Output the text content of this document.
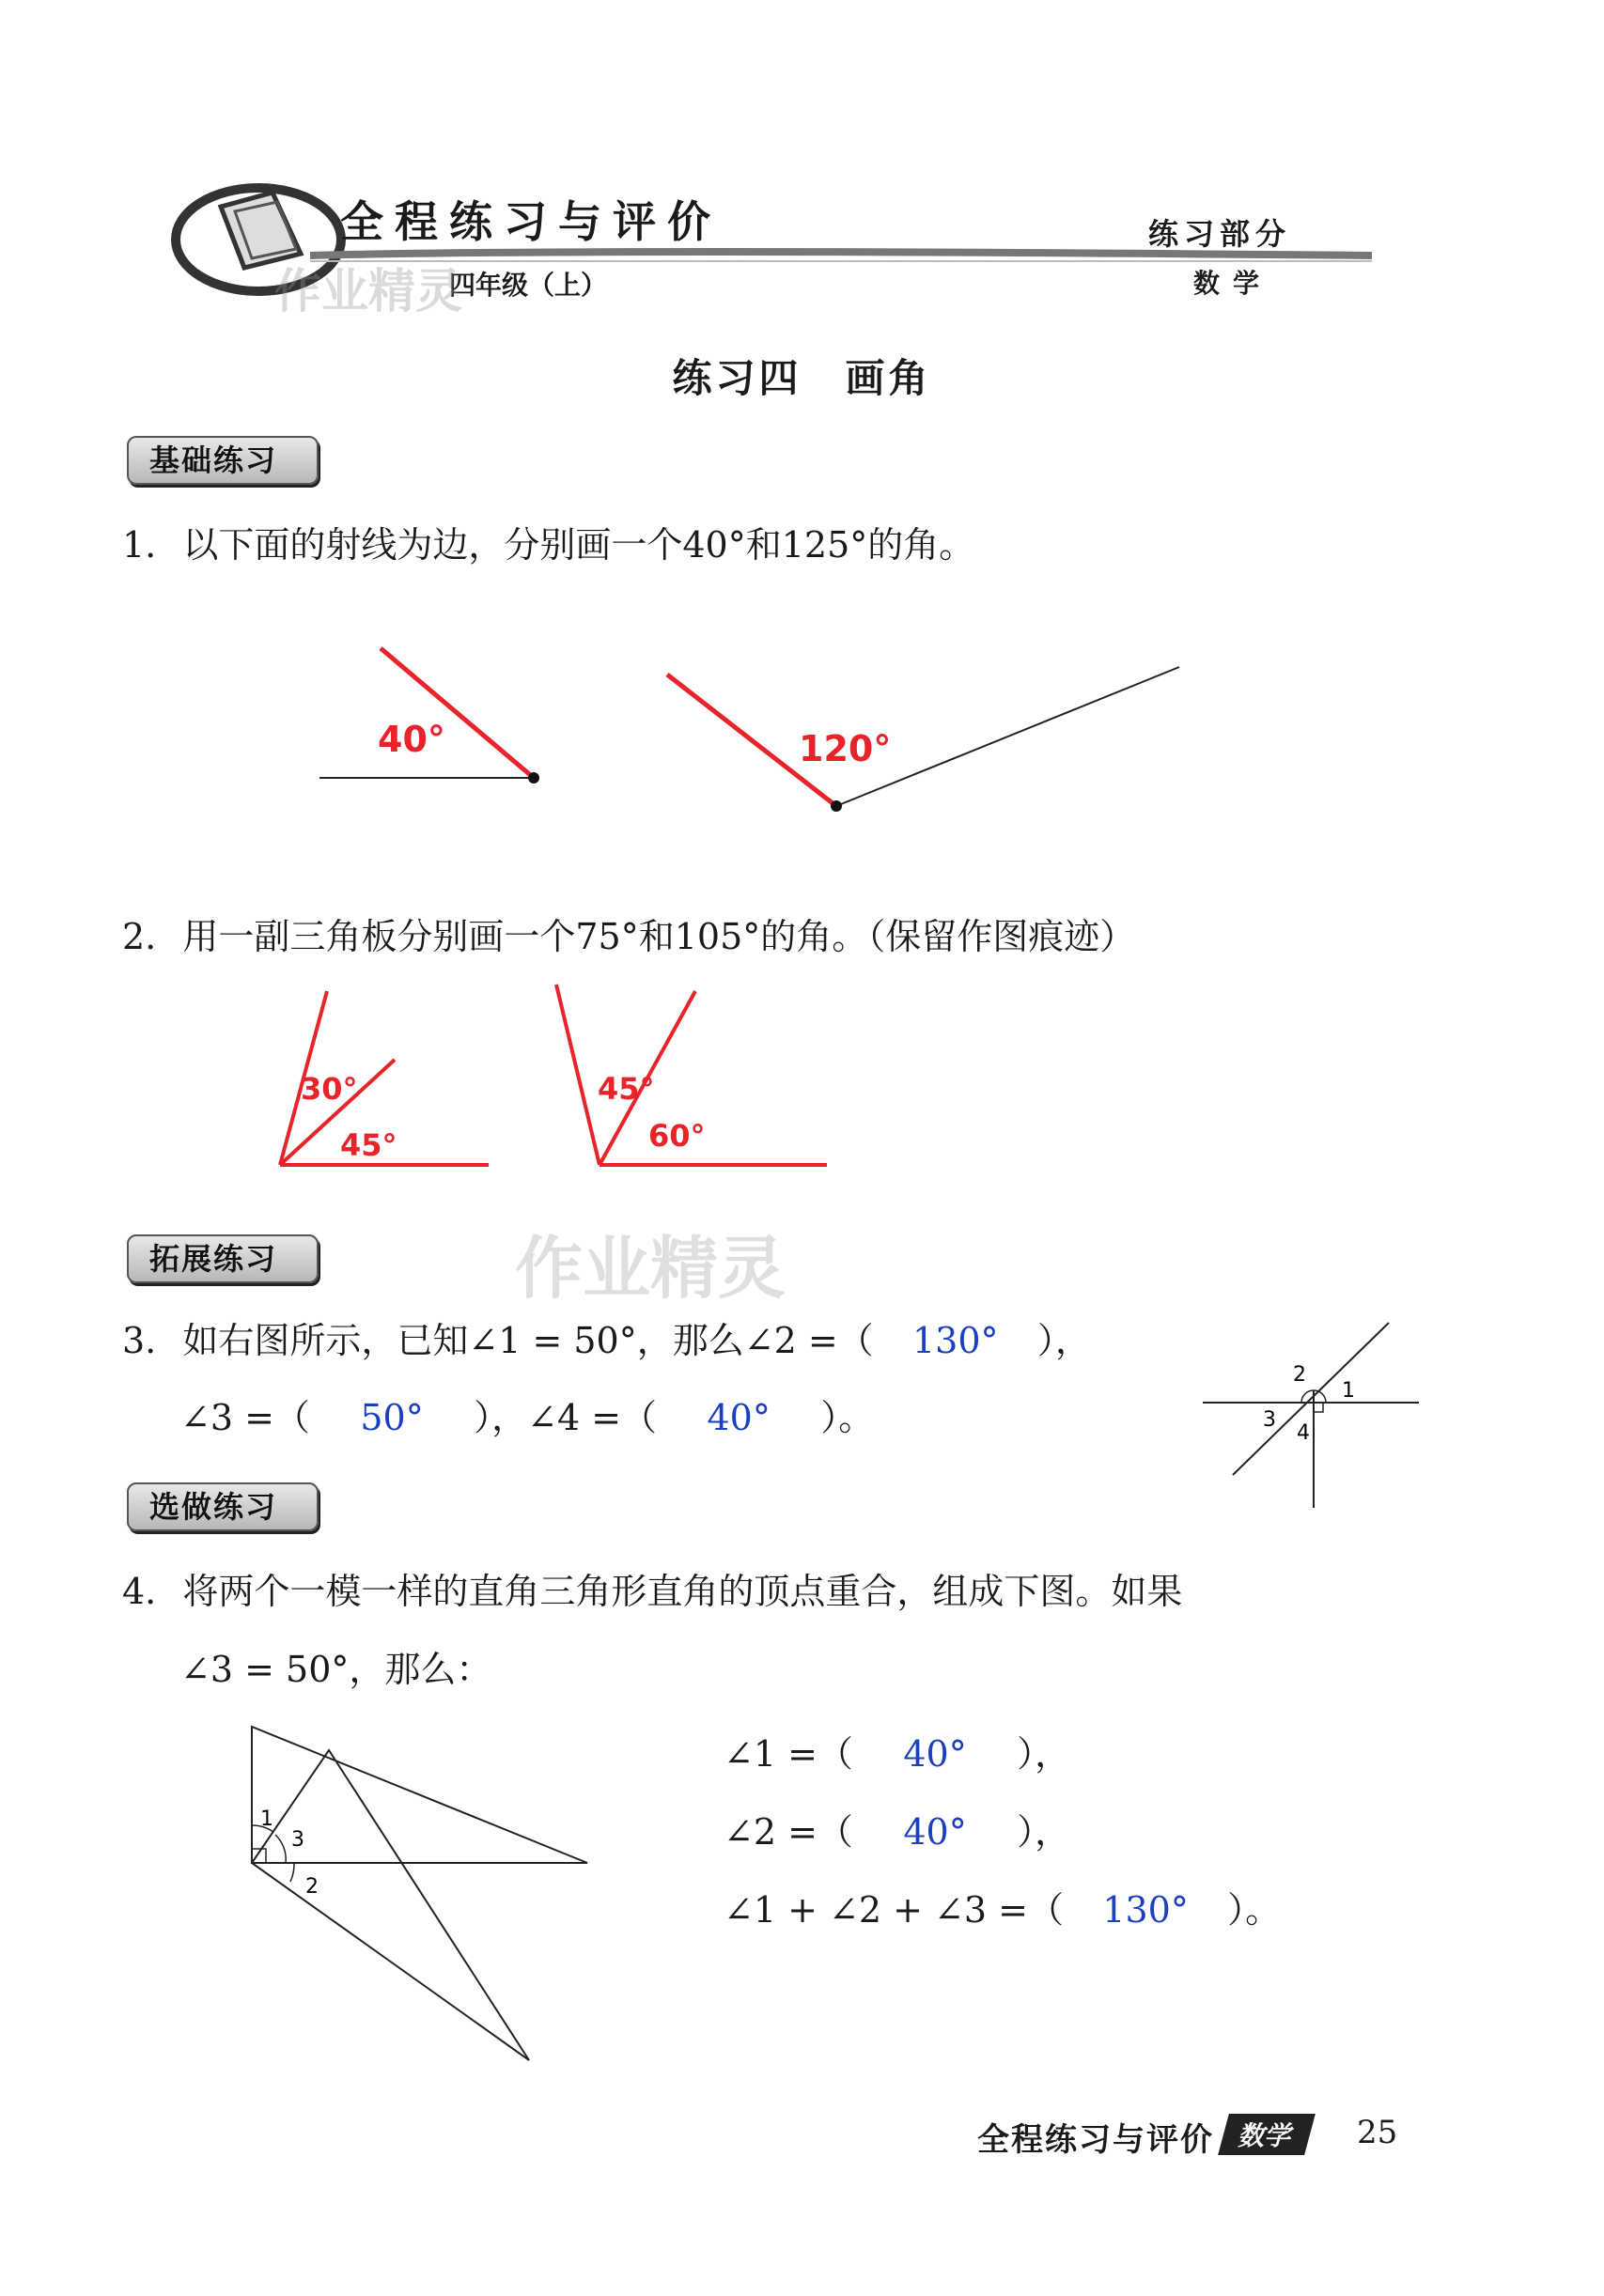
全程练习与评价
四年级（上）
练习部分
数学
作业精灵
练习四　画角
基础练习
1. 以下面的射线为边，分别画一个40°和125°的角。
40°	120°
2. 用一副三角板分别画一个75°和105°的角。（保留作图痕迹）
30°
45°
45°
60°
拓展练习	作业精灵
3. 如右图所示，已知∠1 = 50°，那么∠2 =（ 130° ），
∠3 =（ 50° ），∠4 =（ 40° ）。
1
2
3
4
选做练习
4. 将两个一模一样的直角三角形直角的顶点重合，组成下图。如果
∠3 = 50°，那么：
∠1 =（ 40° ），
∠2 =（ 40° ），
∠1 + ∠2 + ∠3 =（ 130° ）。
1
3
2
全程练习与评价 数学	25
